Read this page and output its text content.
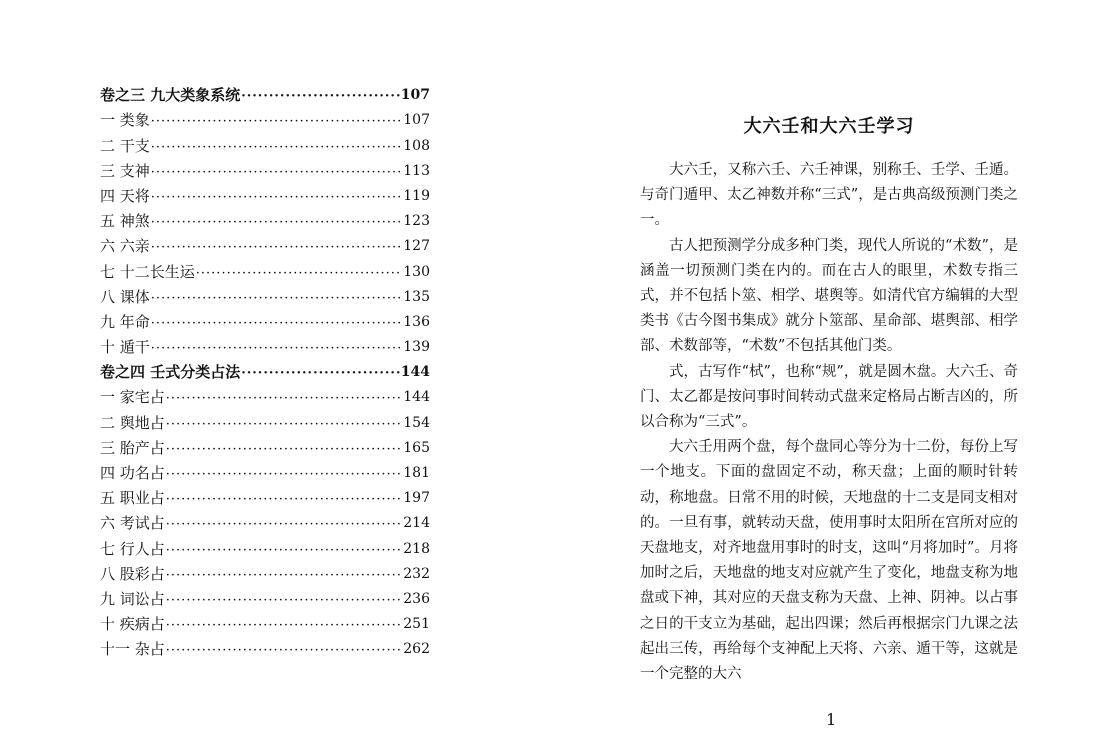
卷之三 九大类象系统 ·····	107
一 类象 ·····	107
二 干支 ·····	108
三 支神 ·····	113
四 天将 ·····	119
五 神煞 ·····	123
六 六亲 ·····	127
七 十二长生运 ·····	130
八 课体 ·····	135
九 年命 ·····	136
十 遁干 ·····	139
卷之四 壬式分类占法 ·····	144
一 家宅占 ·····	144
二 舆地占 ·····	154
三 胎产占 ·····	165
四 功名占 ·····	181
五 职业占 ·····	197
六 考试占 ·····	214
七 行人占 ·····	218
八 股彩占 ·····	232
九 词讼占 ·····	236
十 疾病占 ·····	251
十一 杂占 ·····	262
大六壬和大六壬学习

大六壬，又称六壬、六壬神课，别称壬、壬学、壬遁。与奇门遁甲、太乙神数并称“三式”，是古典高级预测门类之一。

古人把预测学分成多种门类，现代人所说的“术数”，是涵盖一切预测门类在内的。而在古人的眼里，术数专指三式，并不包括卜筮、相学、堪舆等。如清代官方编辑的大型类书《古今图书集成》就分卜筮部、星命部、堪舆部、相学部、术数部等，“术数”不包括其他门类。

式，古写作“栻”，也称“规”，就是圆木盘。大六壬、奇门、太乙都是按问事时间转动式盘来定格局占断吉凶的，所以合称为“三式”。

大六壬用两个盘，每个盘同心等分为十二份，每份上写一个地支。下面的盘固定不动，称天盘；上面的顺时针转动，称地盘。日常不用的时候，天地盘的十二支是同支相对的。一旦有事，就转动天盘，使用事时太阳所在宫所对应的天盘地支，对齐地盘用事时的时支，这叫“月将加时”。月将加时之后，天地盘的地支对应就产生了变化，地盘支称为地盘或下神，其对应的天盘支称为天盘、上神、阴神。以占事之日的干支立为基础，起出四课；然后再根据宗门九课之法起出三传，再给每个支神配上天将、六亲、遁干等，这就是一个完整的大六

1
